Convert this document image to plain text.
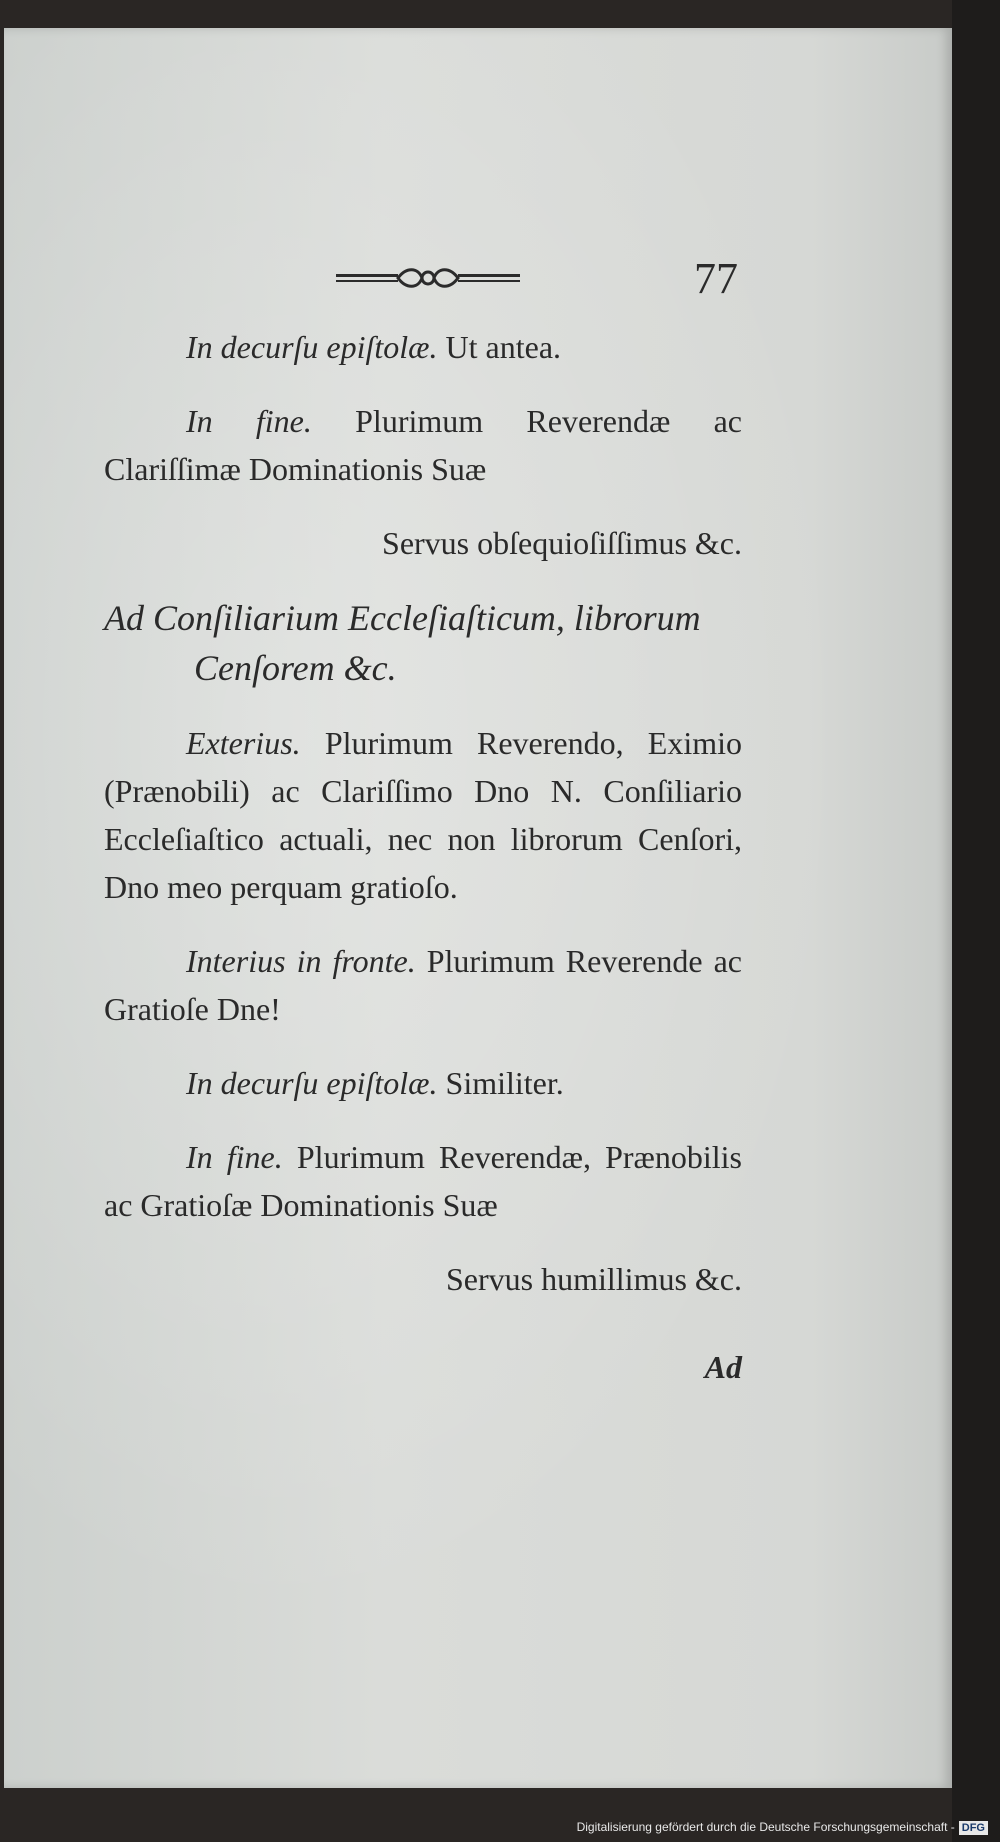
77

In decurſu epiſtolæ. Ut antea.

In fine. Plurimum Reverendæ ac Clariſſimæ Dominationis Suæ

Servus obſequioſiſſimus &c.

Ad Conſiliarium Eccleſiaſticum, librorum
Cenſorem &c.

Exterius. Plurimum Reverendo, Eximio (Prænobili) ac Clariſſimo Dno N. Conſiliario Eccleſiaſtico actuali, nec non librorum Cenſori, Dno meo perquam gratioſo.

Interius in fronte. Plurimum Reverende ac Gratioſe Dne!

In decurſu epiſtolæ. Similiter.

In fine. Plurimum Reverendæ, Prænobilis ac Gratioſæ Dominationis Suæ

Servus humillimus &c.

Ad

Digitalisierung gefördert durch die Deutsche Forschungsgemeinschaft - DFG
